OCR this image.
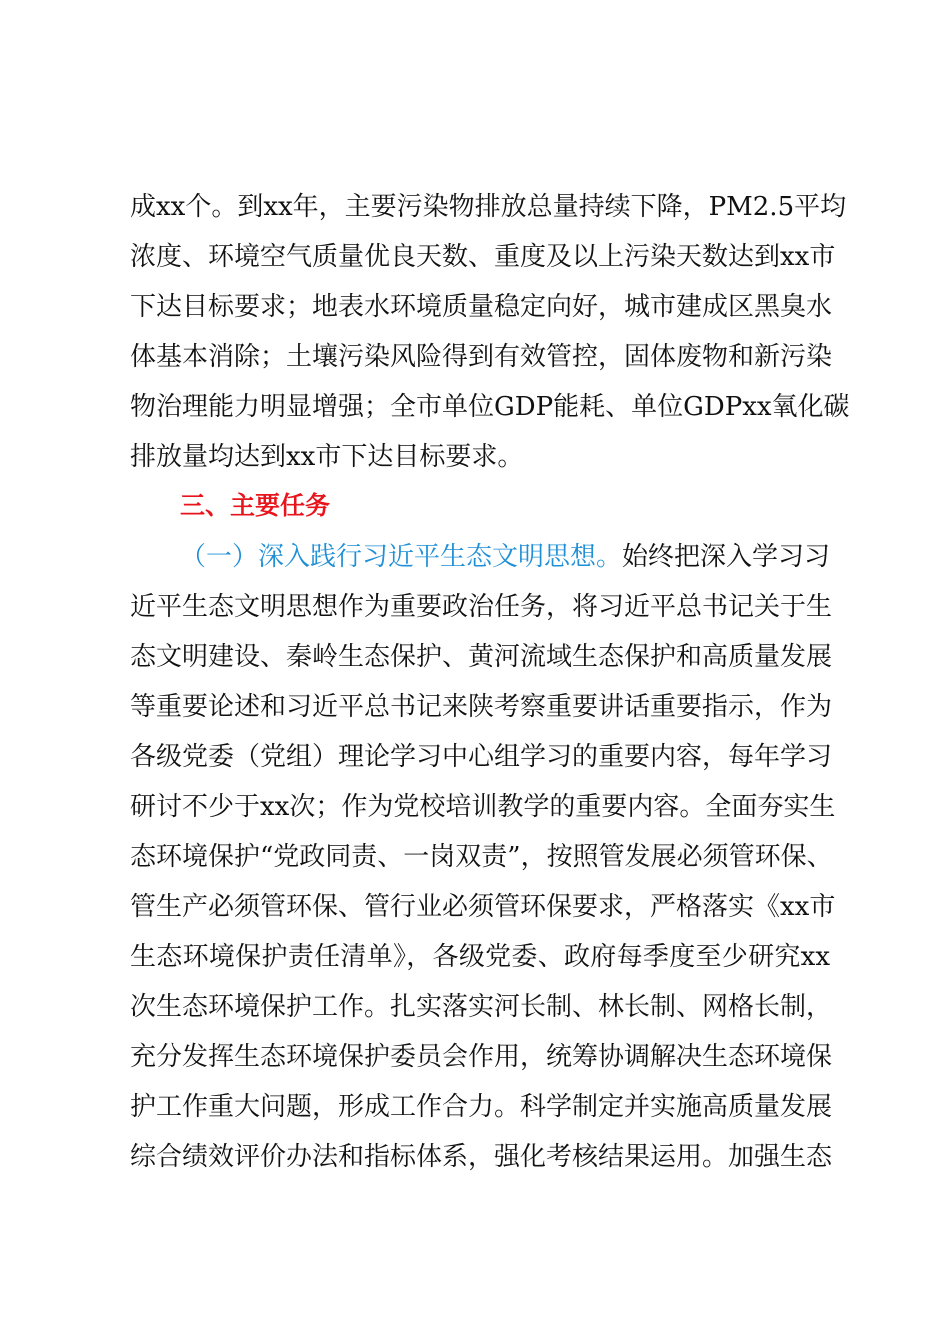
成xx个。到xx年，主要污染物排放总量持续下降，PM2.5平均
浓度、环境空气质量优良天数、重度及以上污染天数达到xx市
下达目标要求；地表水环境质量稳定向好，城市建成区黑臭水
体基本消除；土壤污染风险得到有效管控，固体废物和新污染
物治理能力明显增强；全市单位GDP能耗、单位GDPxx氧化碳
排放量均达到xx市下达目标要求。
三、主要任务
（一）深入践行习近平生态文明思想。始终把深入学习习
近平生态文明思想作为重要政治任务，将习近平总书记关于生
态文明建设、秦岭生态保护、黄河流域生态保护和高质量发展
等重要论述和习近平总书记来陕考察重要讲话重要指示，作为
各级党委（党组）理论学习中心组学习的重要内容，每年学习
研讨不少于xx次；作为党校培训教学的重要内容。全面夯实生
态环境保护“党政同责、一岗双责”，按照管发展必须管环保、
管生产必须管环保、管行业必须管环保要求，严格落实《xx市
生态环境保护责任清单》，各级党委、政府每季度至少研究xx
次生态环境保护工作。扎实落实河长制、林长制、网格长制，
充分发挥生态环境保护委员会作用，统筹协调解决生态环境保
护工作重大问题，形成工作合力。科学制定并实施高质量发展
综合绩效评价办法和指标体系，强化考核结果运用。加强生态
